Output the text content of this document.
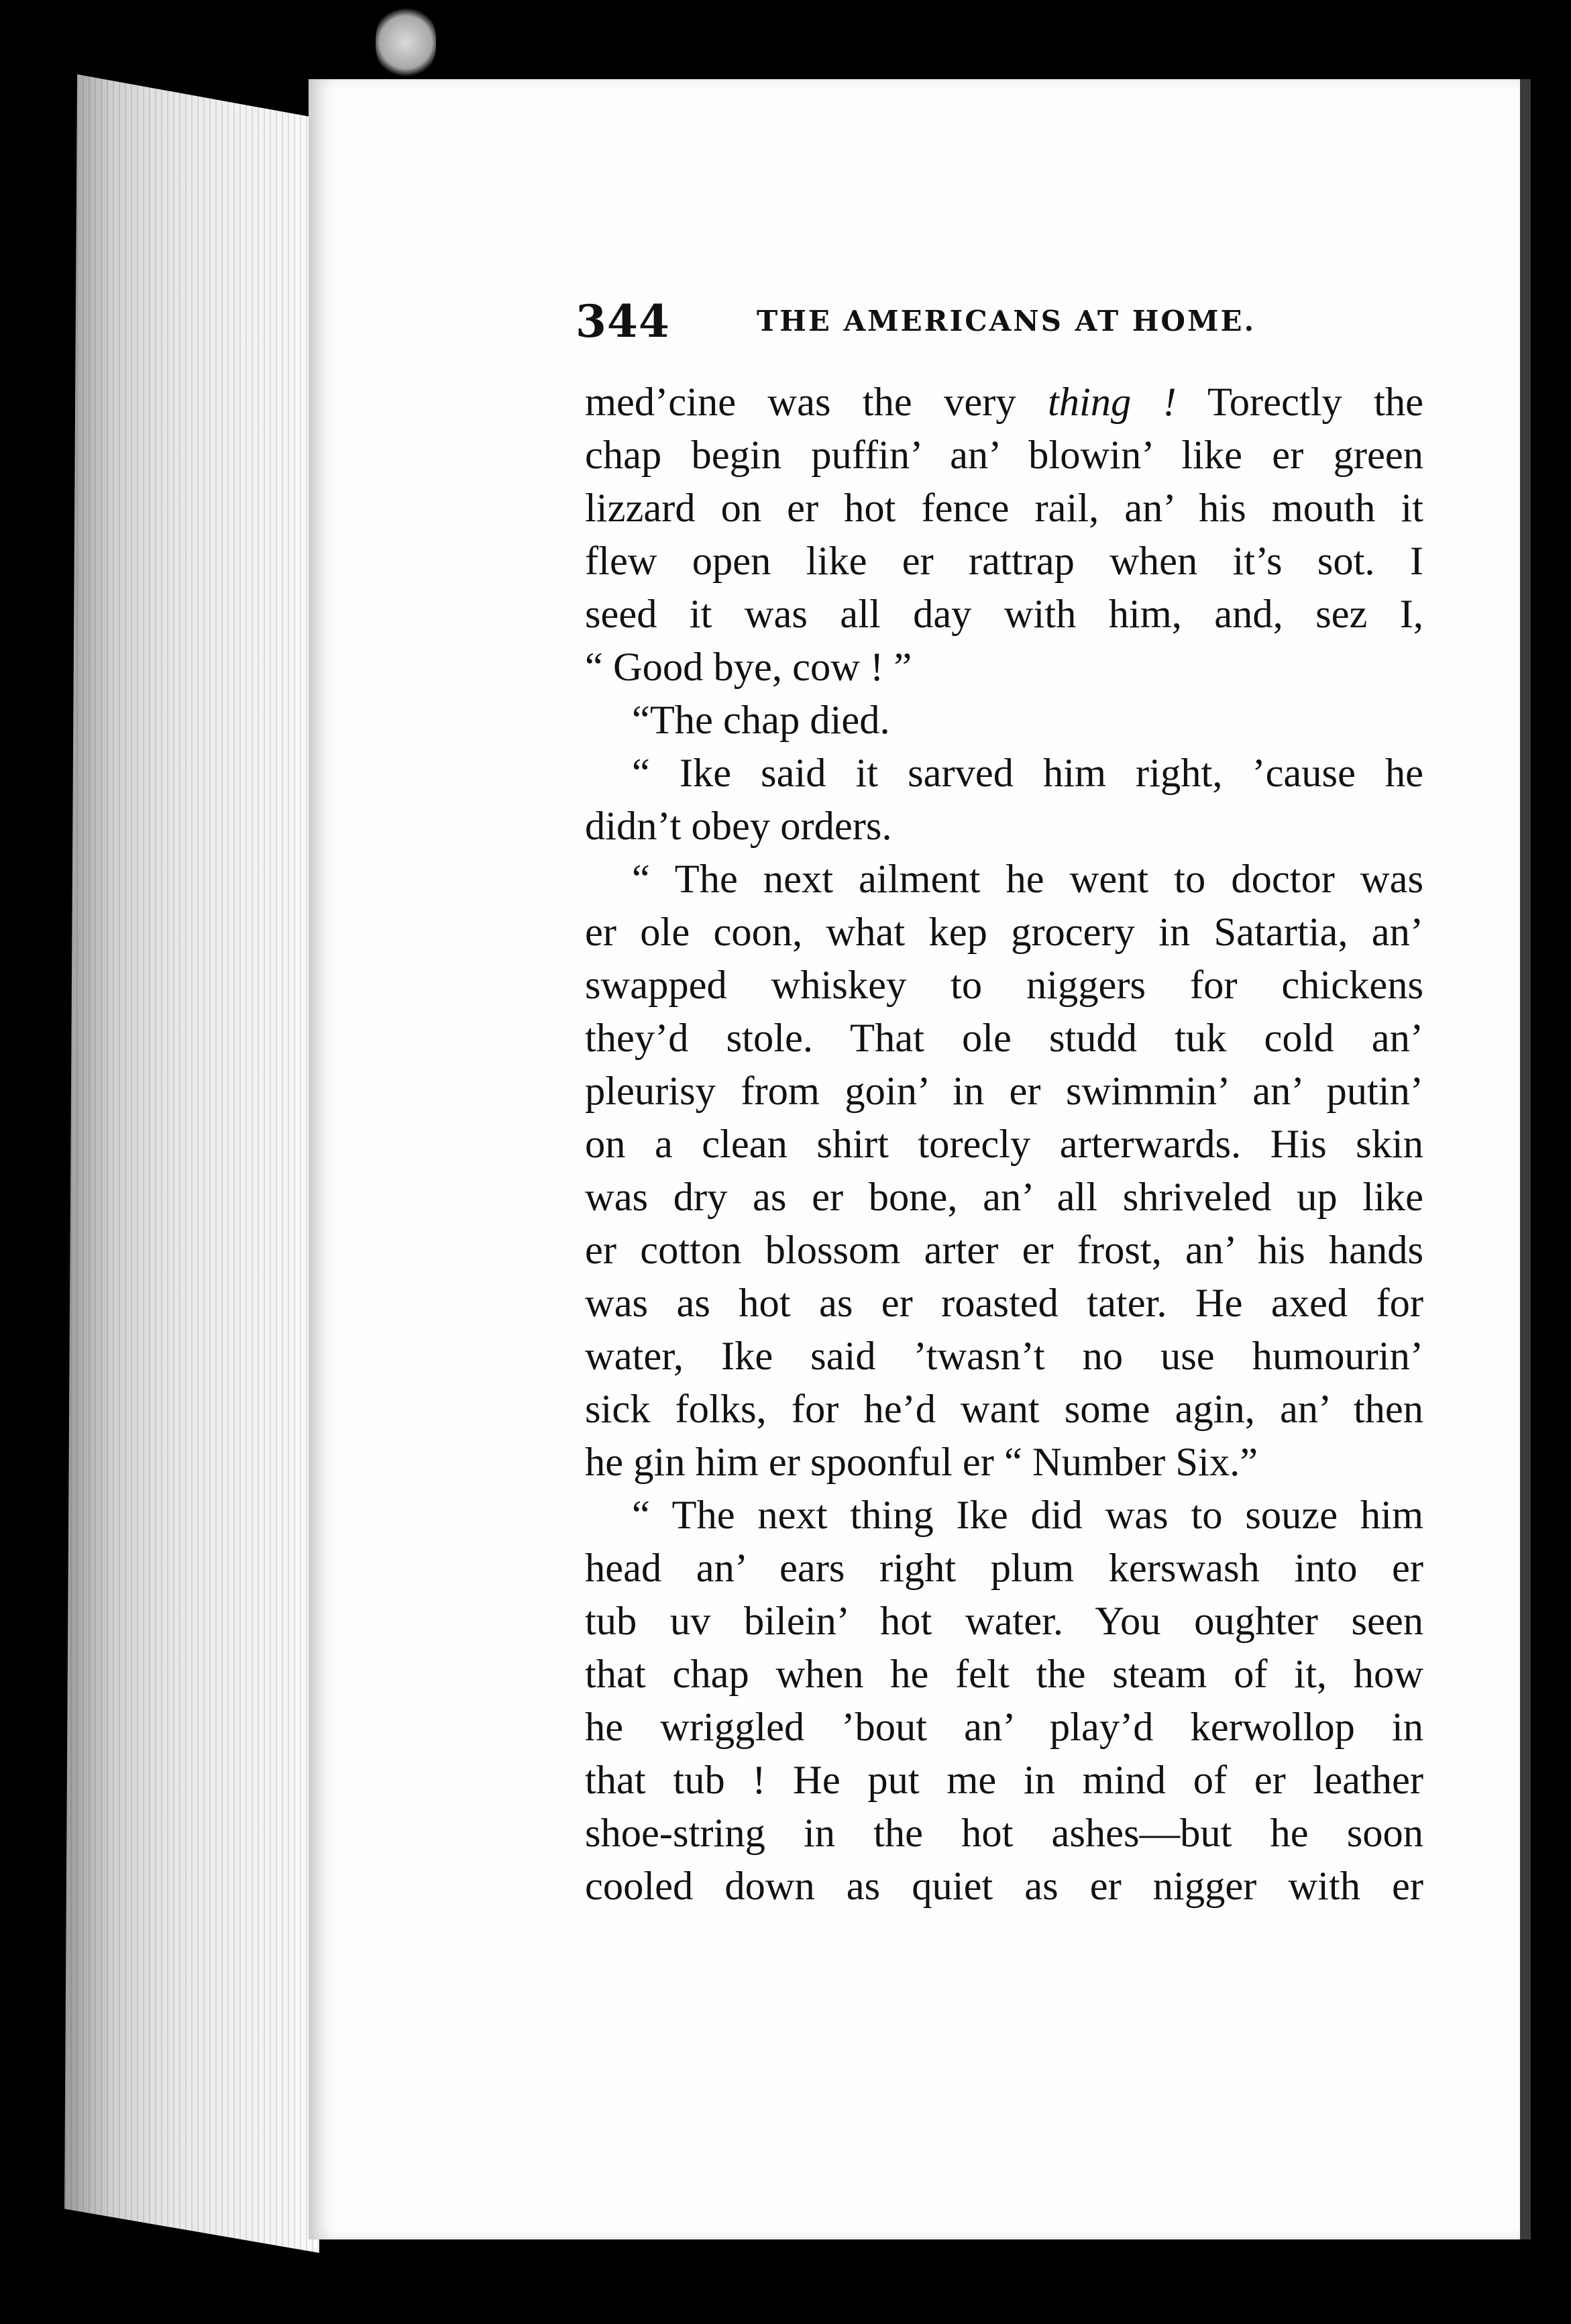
344	THE AMERICANS AT HOME.
med’cine was the very thing ! Torectly the
chap begin puffin’ an’ blowin’ like er green
lizzard on er hot fence rail, an’ his mouth it
flew open like er rattrap when it’s sot. I
seed it was all day with him, and, sez I,
“ Good bye, cow ! ”
“The chap died.
“ Ike said it sarved him right, ’cause he
didn’t obey orders.
“ The next ailment he went to doctor was
er ole coon, what kep grocery in Satartia, an’
swapped whiskey to niggers for chickens
they’d stole. That ole studd tuk cold an’
pleurisy from goin’ in er swimmin’ an’ putin’
on a clean shirt torecly arterwards. His skin
was dry as er bone, an’ all shriveled up like
er cotton blossom arter er frost, an’ his hands
was as hot as er roasted tater. He axed for
water, Ike said ’twasn’t no use humourin’
sick folks, for he’d want some agin, an’ then
he gin him er spoonful er “ Number Six.”
“ The next thing Ike did was to souze him
head an’ ears right plum kerswash into er
tub uv bilein’ hot water. You oughter seen
that chap when he felt the steam of it, how
he wriggled ’bout an’ play’d kerwollop in
that tub ! He put me in mind of er leather
shoe-string in the hot ashes—but he soon
cooled down as quiet as er nigger with er
